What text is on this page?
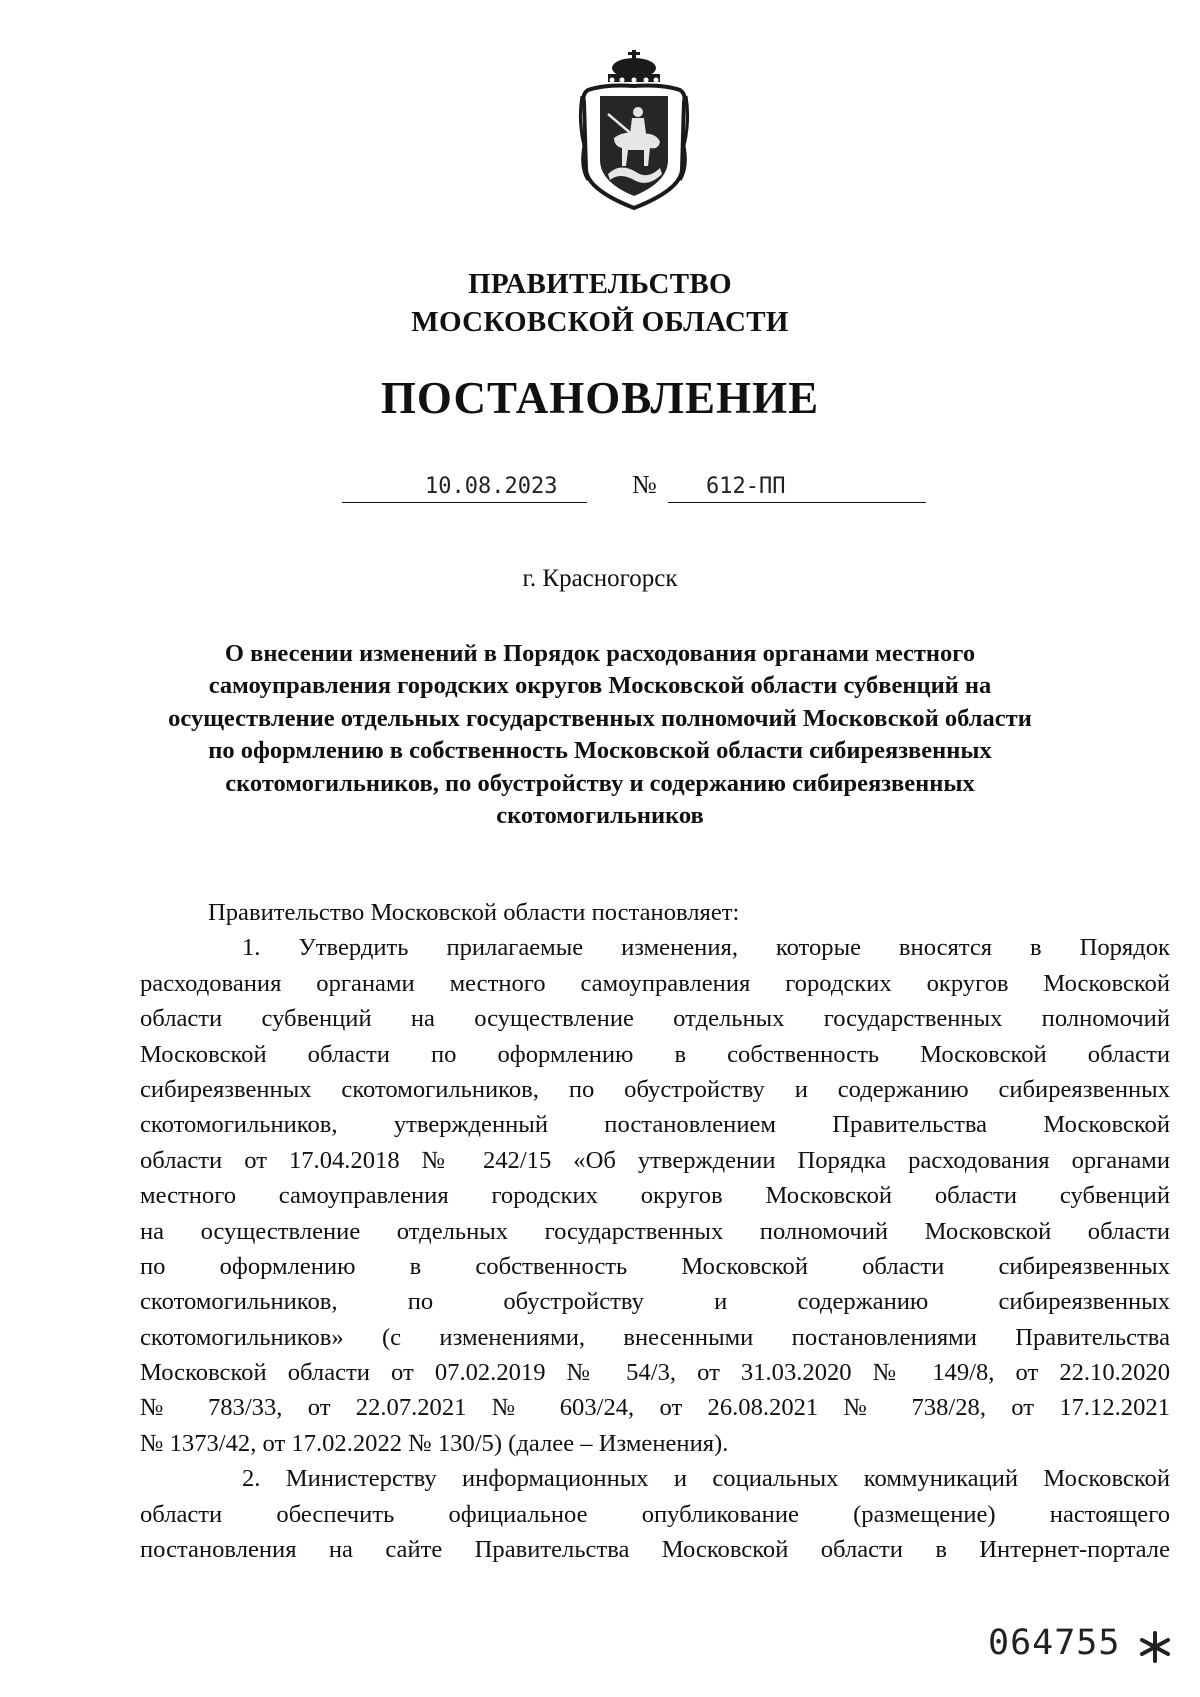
ПРАВИТЕЛЬСТВО
МОСКОВСКОЙ ОБЛАСТИ
ПОСТАНОВЛЕНИЕ
10.08.2023	№ 612-ПП
г. Красногорск
О внесении изменений в Порядок расходования органами местного
самоуправления городских округов Московской области субвенций на
осуществление отдельных государственных полномочий Московской области
по оформлению в собственность Московской области сибиреязвенных
скотомогильников, по обустройству и содержанию сибиреязвенных
скотомогильников
Правительство Московской области постановляет:
1. Утвердить прилагаемые изменения, которые вносятся в Порядок
расходования органами местного самоуправления городских округов Московской
области субвенций на осуществление отдельных государственных полномочий
Московской области по оформлению в собственность Московской области
сибиреязвенных скотомогильников, по обустройству и содержанию сибиреязвенных
скотомогильников, утвержденный постановлением Правительства Московской
области от 17.04.2018 № 242/15 «Об утверждении Порядка расходования органами
местного самоуправления городских округов Московской области субвенций
на осуществление отдельных государственных полномочий Московской области
по оформлению в собственность Московской области сибиреязвенных
скотомогильников, по обустройству и содержанию сибиреязвенных
скотомогильников» (с изменениями, внесенными постановлениями Правительства
Московской области от 07.02.2019 № 54/3, от 31.03.2020 № 149/8, от 22.10.2020
№ 783/33, от 22.07.2021 № 603/24, от 26.08.2021 № 738/28, от 17.12.2021
№ 1373/42, от 17.02.2022 № 130/5) (далее – Изменения).
2. Министерству информационных и социальных коммуникаций Московской
области обеспечить официальное опубликование (размещение) настоящего
постановления на сайте Правительства Московской области в Интернет-портале
064755
